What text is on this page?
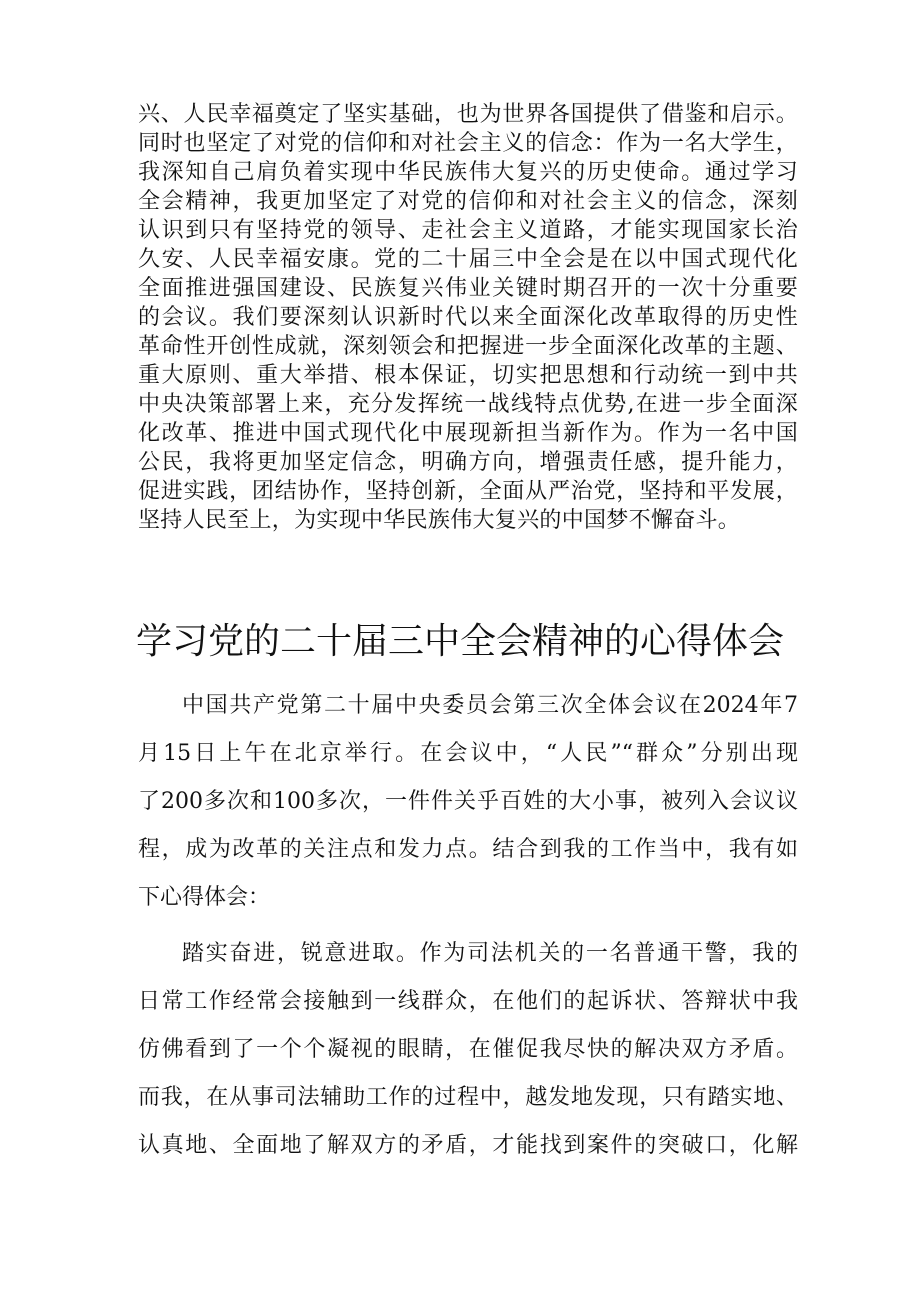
兴、人民幸福奠定了坚实基础，也为世界各国提供了借鉴和启示。
同时也坚定了对党的信仰和对社会主义的信念：作为一名大学生，
我深知自己肩负着实现中华民族伟大复兴的历史使命。通过学习
全会精神，我更加坚定了对党的信仰和对社会主义的信念，深刻
认识到只有坚持党的领导、走社会主义道路，才能实现国家长治
久安、人民幸福安康。党的二十届三中全会是在以中国式现代化
全面推进强国建设、民族复兴伟业关键时期召开的一次十分重要
的会议。我们要深刻认识新时代以来全面深化改革取得的历史性
革命性开创性成就，深刻领会和把握进一步全面深化改革的主题、
重大原则、重大举措、根本保证，切实把思想和行动统一到中共
中央决策部署上来，充分发挥统一战线特点优势,在进一步全面深
化改革、推进中国式现代化中展现新担当新作为。作为一名中国
公民，我将更加坚定信念，明确方向，增强责任感，提升能力，
促进实践，团结协作，坚持创新，全面从严治党，坚持和平发展，
坚持人民至上，为实现中华民族伟大复兴的中国梦不懈奋斗。
学习党的二十届三中全会精神的心得体会
中国共产党第二十届中央委员会第三次全体会议在2024年7
月15日上午在北京举行。在会议中，“人民”“群众”分别出现
了200多次和100多次，一件件关乎百姓的大小事，被列入会议议
程，成为改革的关注点和发力点。结合到我的工作当中，我有如
下心得体会：
踏实奋进，锐意进取。作为司法机关的一名普通干警，我的
日常工作经常会接触到一线群众，在他们的起诉状、答辩状中我
仿佛看到了一个个凝视的眼睛，在催促我尽快的解决双方矛盾。
而我，在从事司法辅助工作的过程中，越发地发现，只有踏实地、
认真地、全面地了解双方的矛盾，才能找到案件的突破口，化解
